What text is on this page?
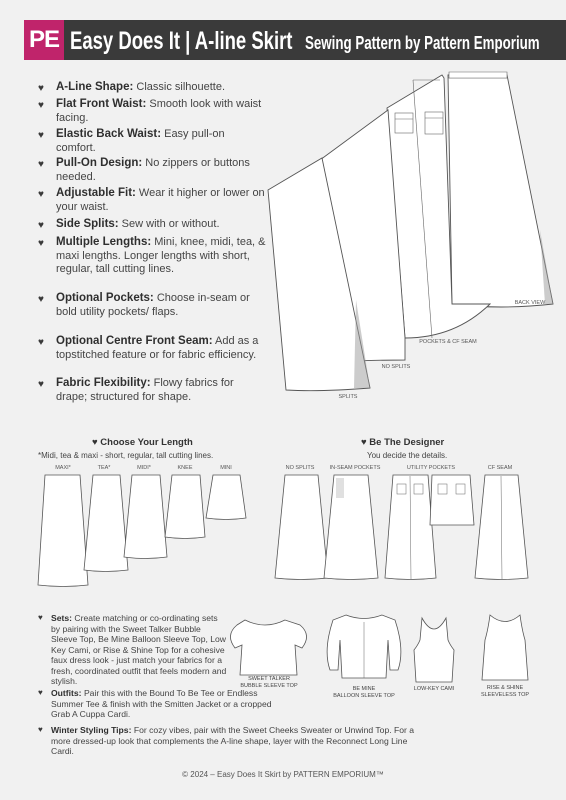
PE Easy Does It | A-line Skirt Sewing Pattern by Pattern Emporium
♥ A-Line Shape: Classic silhouette.
♥ Flat Front Waist: Smooth look with waist facing.
♥ Elastic Back Waist: Easy pull-on comfort.
♥ Pull-On Design: No zippers or buttons needed.
♥ Adjustable Fit: Wear it higher or lower on your waist.
♥ Side Splits: Sew with or without.
♥ Multiple Lengths: Mini, knee, midi, tea, & maxi lengths. Longer lengths with short, regular, tall cutting lines.
♥ Optional Pockets: Choose in-seam or bold utility pockets/ flaps.
♥ Optional Centre Front Seam: Add as a topstitched feature or for fabric efficiency.
♥ Fabric Flexibility: Flowy fabrics for drape; structured for shape.
BACK VIEW
POCKETS & CF SEAM
NO SPLITS
SPLITS
♥ Choose Your Length
*Midi, tea & maxi - short, regular, tall cutting lines.
MAXI*	TEA*	MIDI*	KNEE	MINI
♥ Be The Designer
You decide the details.
NO SPLITS	IN-SEAM POCKETS	UTILITY POCKETS	CF SEAM
♥ Sets: Create matching or co-ordinating sets by pairing with the Sweet Talker Bubble Sleeve Top, Be Mine Balloon Sleeve Top, Low Key Cami, or Rise & Shine Top for a cohesive faux dress look - just match your fabrics for a fresh, coordinated outfit that feels modern and stylish.
♥ Outfits: Pair this with the Bound To Be Tee or Endless Summer Tee & finish with the Smitten Jacket or a cropped Grab A Cuppa Cardi.
♥ Winter Styling Tips: For cozy vibes, pair with the Sweet Cheeks Sweater or Unwind Top. For a more dressed-up look that complements the A-line shape, layer with the Reconnect Long Line Cardi.
SWEET TALKER
BUBBLE SLEEVE TOP	BE MINE
BALLOON SLEEVE TOP
LOW-KEY CAMI	RISE & SHINE
SLEEVELESS TOP
© 2024 – Easy Does It Skirt by PATTERN EMPORIUM™
